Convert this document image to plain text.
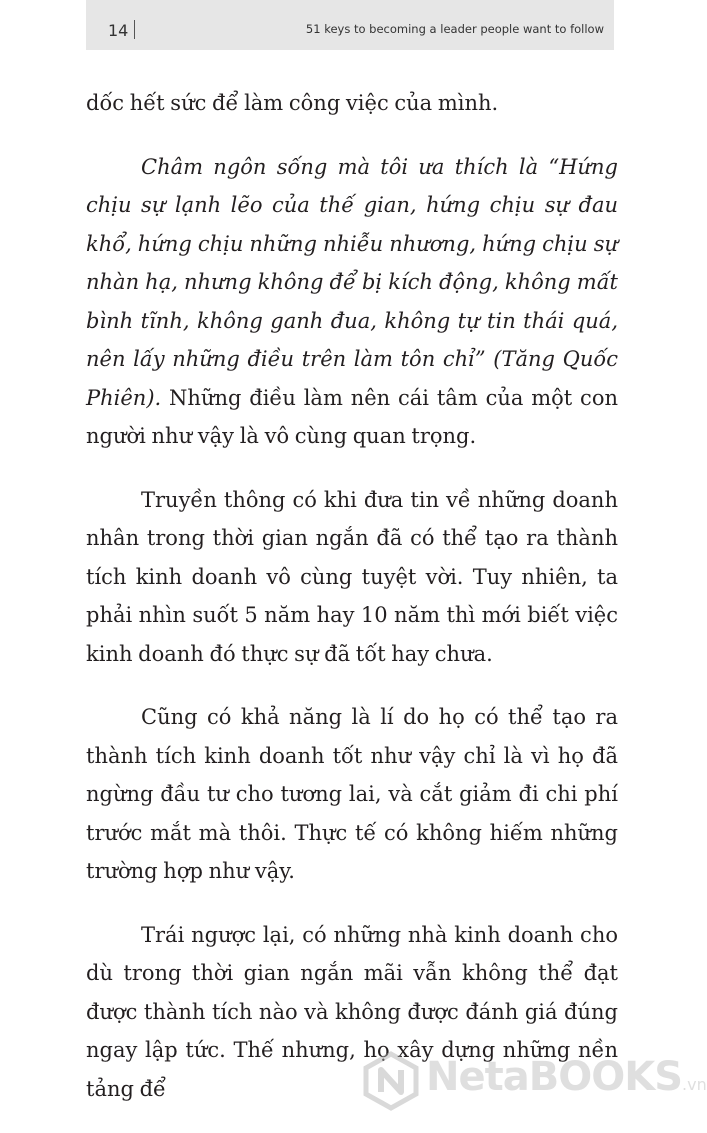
14	51 keys to becoming a leader people want to follow

dốc hết sức để làm công việc của mình.

Châm ngôn sống mà tôi ưa thích là “Hứng chịu sự lạnh lẽo của thế gian, hứng chịu sự đau khổ, hứng chịu những nhiễu nhương, hứng chịu sự nhàn hạ, nhưng không để bị kích động, không mất bình tĩnh, không ganh đua, không tự tin thái quá, nên lấy những điều trên làm tôn chỉ” (Tăng Quốc Phiên). Những điều làm nên cái tâm của một con người như vậy là vô cùng quan trọng.

Truyền thông có khi đưa tin về những doanh nhân trong thời gian ngắn đã có thể tạo ra thành tích kinh doanh vô cùng tuyệt vời. Tuy nhiên, ta phải nhìn suốt 5 năm hay 10 năm thì mới biết việc kinh doanh đó thực sự đã tốt hay chưa.

Cũng có khả năng là lí do họ có thể tạo ra thành tích kinh doanh tốt như vậy chỉ là vì họ đã ngừng đầu tư cho tương lai, và cắt giảm đi chi phí trước mắt mà thôi. Thực tế có không hiếm những trường hợp như vậy.

Trái ngược lại, có những nhà kinh doanh cho dù trong thời gian ngắn mãi vẫn không thể đạt được thành tích nào và không được đánh giá đúng ngay lập tức. Thế nhưng, họ xây dựng những nền tảng để	NetaBOOKS.vn
